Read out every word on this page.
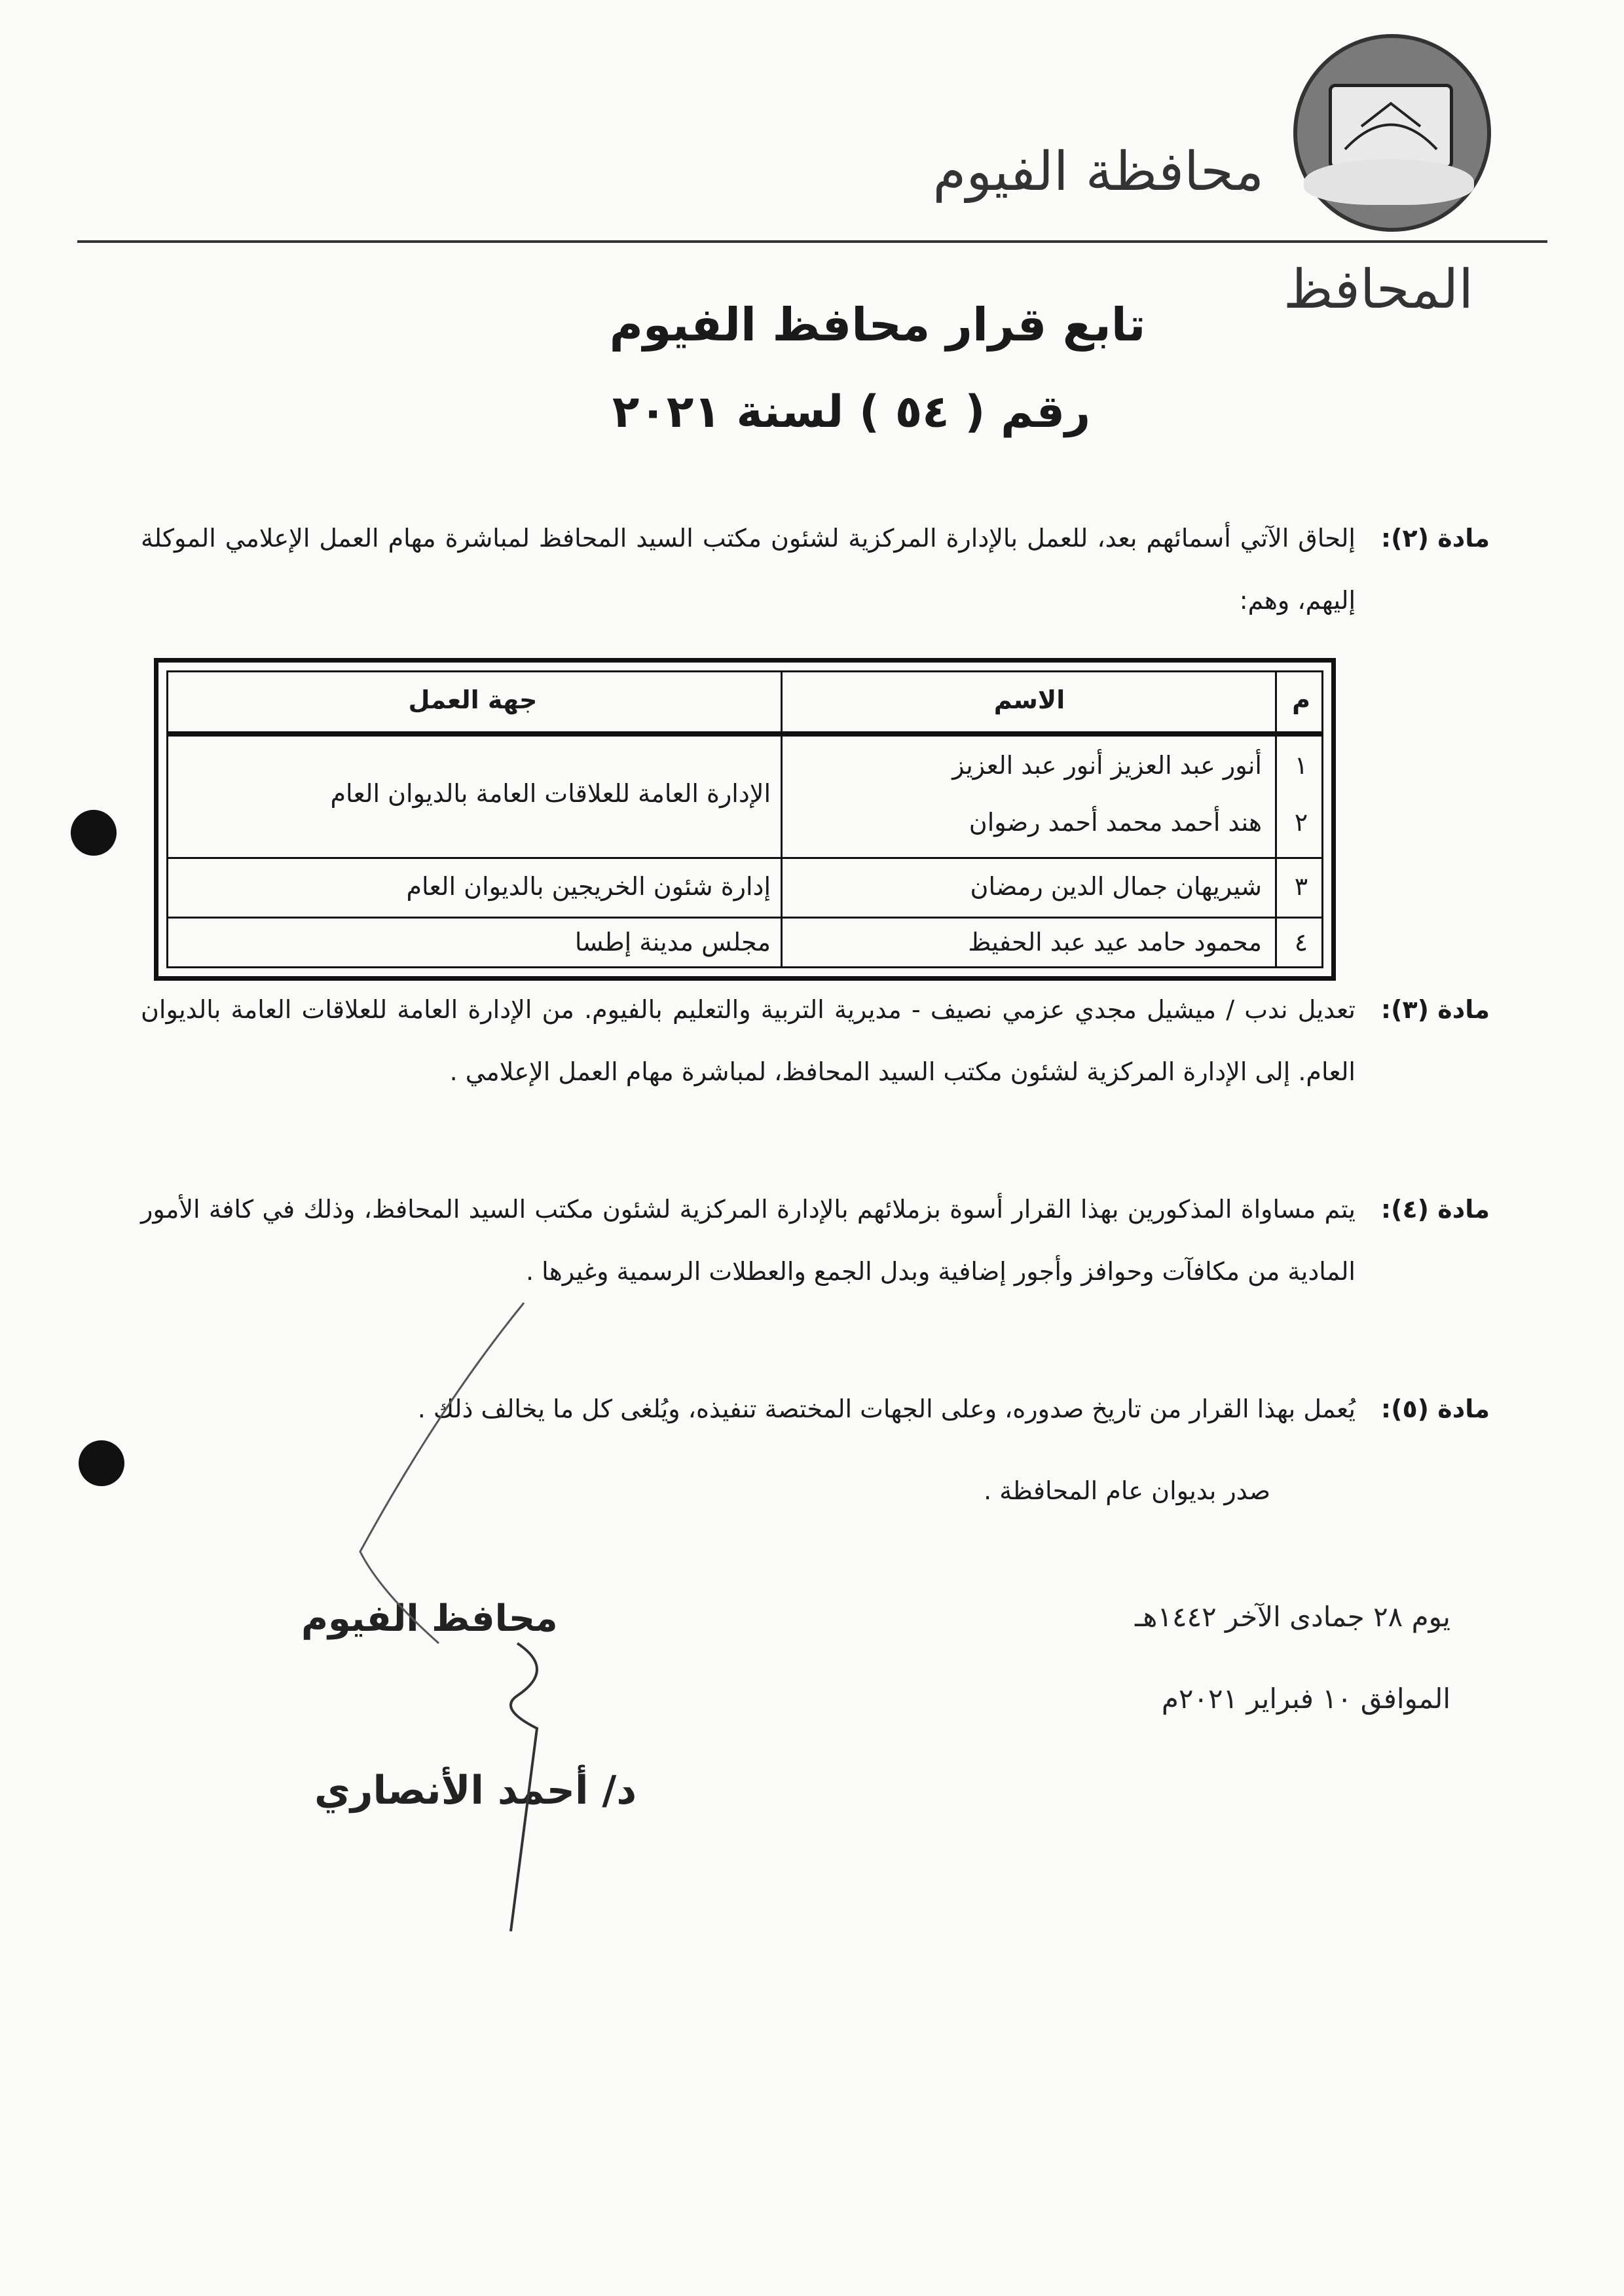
محافظة الفيوم
المحافظ
تابع قرار محافظ الفيوم
رقم ( ٥٤ ) لسنة ٢٠٢١
مادة (٢):
إلحاق الآتي أسمائهم بعد، للعمل بالإدارة المركزية لشئون مكتب السيد المحافظ لمباشرة مهام العمل الإعلامي الموكلة إليهم، وهم:
م
الاسم
جهة العمل
١
أنور عبد العزيز أنور عبد العزيز
٢
هند أحمد محمد أحمد رضوان
الإدارة العامة للعلاقات العامة بالديوان العام
٣
شيريهان جمال الدين رمضان
إدارة شئون الخريجين بالديوان العام
٤
محمود حامد عيد عبد الحفيظ
مجلس مدينة إطسا
مادة (٣):
تعديل ندب / ميشيل مجدي عزمي نصيف - مديرية التربية والتعليم بالفيوم. من الإدارة العامة للعلاقات العامة بالديوان العام. إلى الإدارة المركزية لشئون مكتب السيد المحافظ، لمباشرة مهام العمل الإعلامي .
مادة (٤):
يتم مساواة المذكورين بهذا القرار أسوة بزملائهم بالإدارة المركزية لشئون مكتب السيد المحافظ، وذلك في كافة الأمور المادية من مكافآت وحوافز وأجور إضافية وبدل الجمع والعطلات الرسمية وغيرها .
مادة (٥):
يُعمل بهذا القرار من تاريخ صدوره، وعلى الجهات المختصة تنفيذه، ويُلغى كل ما يخالف ذلك .
صدر بديوان عام المحافظة .
يوم ٢٨ جمادى الآخر ١٤٤٢هـ
الموافق ١٠ فبراير ٢٠٢١م
محافظ الفيوم
د/ أحمد الأنصاري
